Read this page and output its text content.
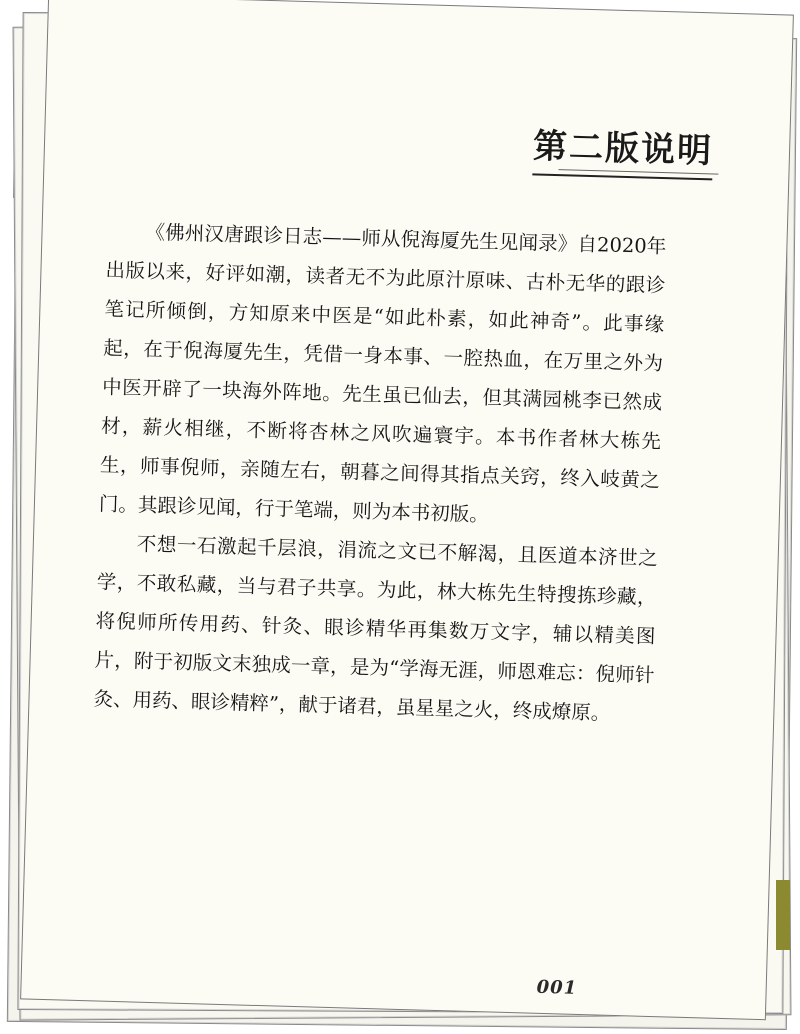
第二版说明

《佛州汉唐跟诊日志——师从倪海厦先生见闻录》自2020年出版以来，好评如潮，读者无不为此原汁原味、古朴无华的跟诊笔记所倾倒，方知原来中医是“如此朴素，如此神奇”。此事缘起，在于倪海厦先生，凭借一身本事、一腔热血，在万里之外为中医开辟了一块海外阵地。先生虽已仙去，但其满园桃李已然成材，薪火相继，不断将杏林之风吹遍寰宇。本书作者林大栋先生，师事倪师，亲随左右，朝暮之间得其指点关窍，终入岐黄之门。其跟诊见闻，行于笔端，则为本书初版。

不想一石激起千层浪，涓流之文已不解渴，且医道本济世之学，不敢私藏，当与君子共享。为此，林大栋先生特搜拣珍藏，将倪师所传用药、针灸、眼诊精华再集数万文字，辅以精美图片，附于初版文末独成一章，是为“学海无涯，师恩难忘：倪师针灸、用药、眼诊精粹”，献于诸君，虽星星之火，终成燎原。

001
